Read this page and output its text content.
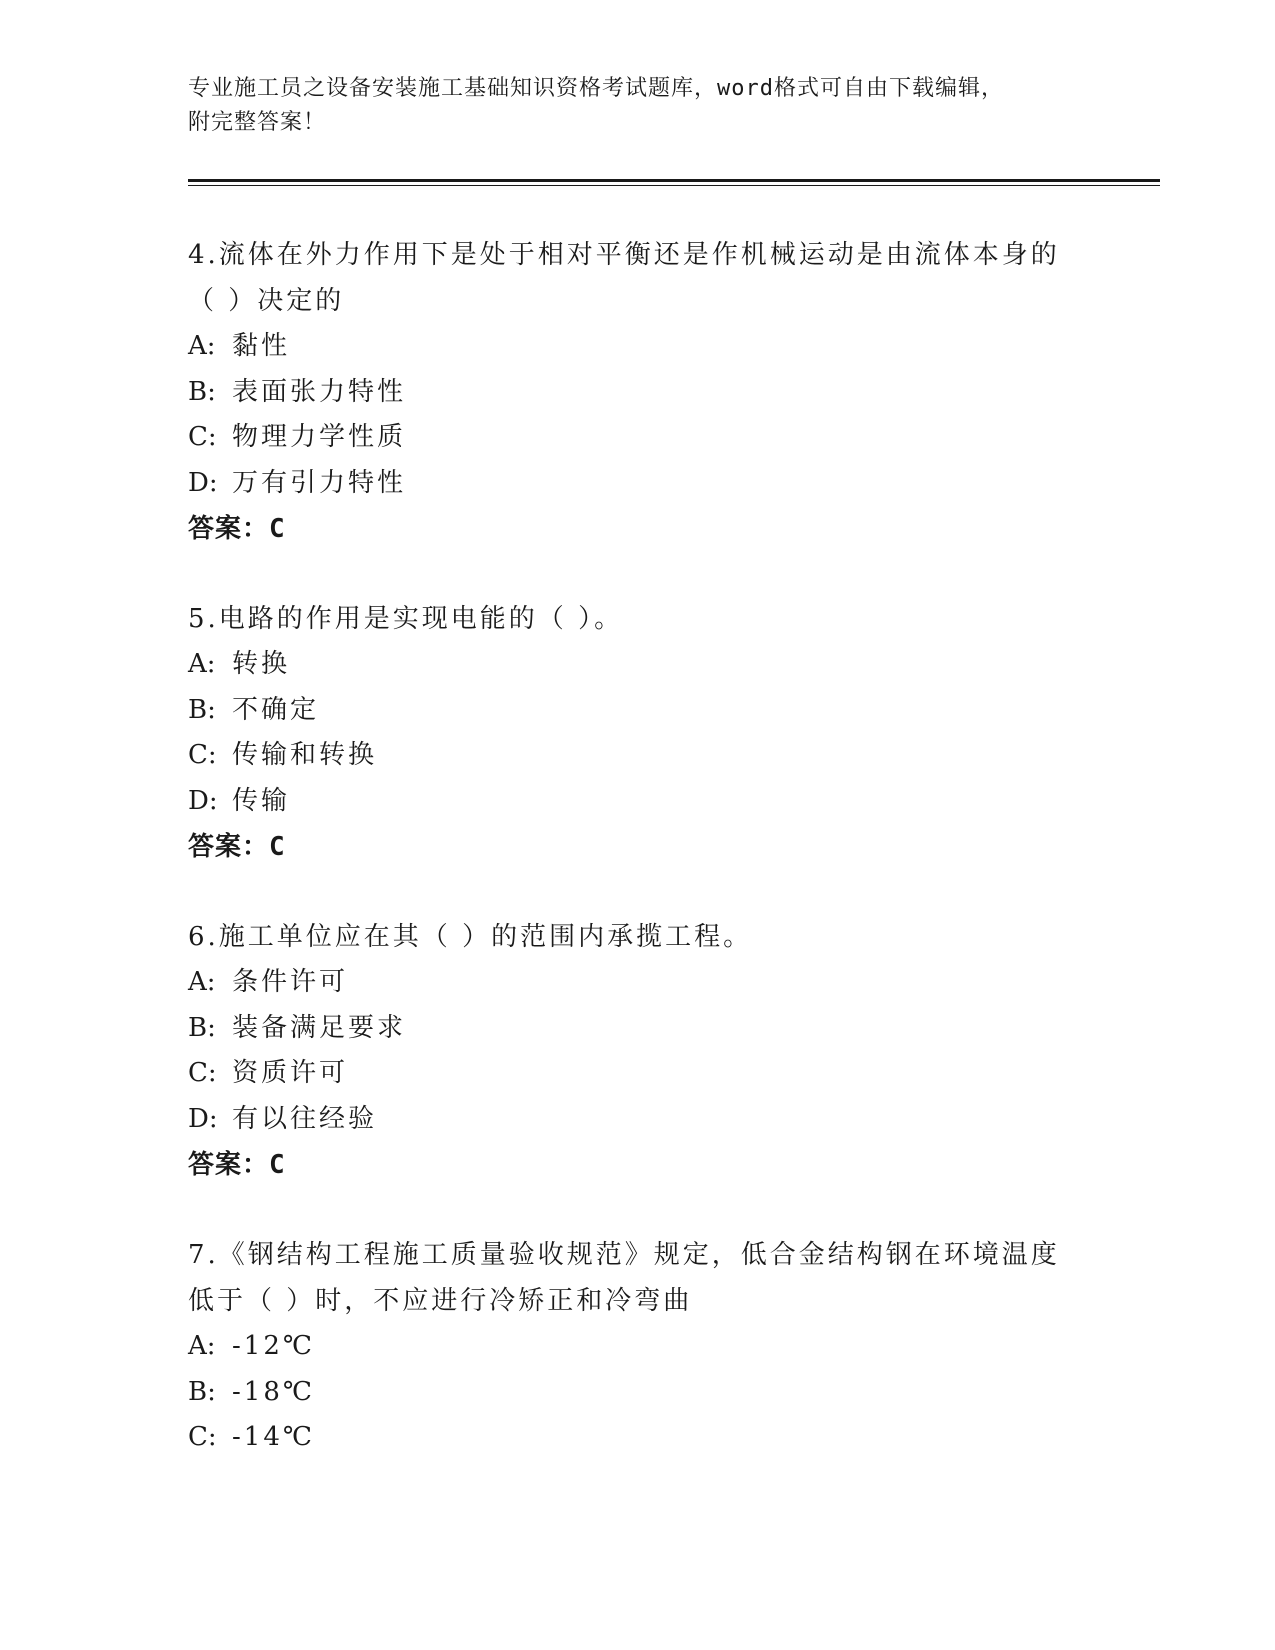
专业施工员之设备安装施工基础知识资格考试题库，word格式可自由下载编辑，
附完整答案！

4.流体在外力作用下是处于相对平衡还是作机械运动是由流体本身的

（ ）决定的

A: 黏性

B: 表面张力特性

C: 物理力学性质

D: 万有引力特性

答案：C

5.电路的作用是实现电能的（ ）。

A: 转换

B: 不确定

C: 传输和转换

D: 传输

答案：C

6.施工单位应在其（ ）的范围内承揽工程。

A: 条件许可

B: 装备满足要求

C: 资质许可

D: 有以往经验

答案：C

7.《钢结构工程施工质量验收规范》规定，低合金结构钢在环境温度

低于（ ）时，不应进行冷矫正和冷弯曲

A: -12℃

B: -18℃

C: -14℃
